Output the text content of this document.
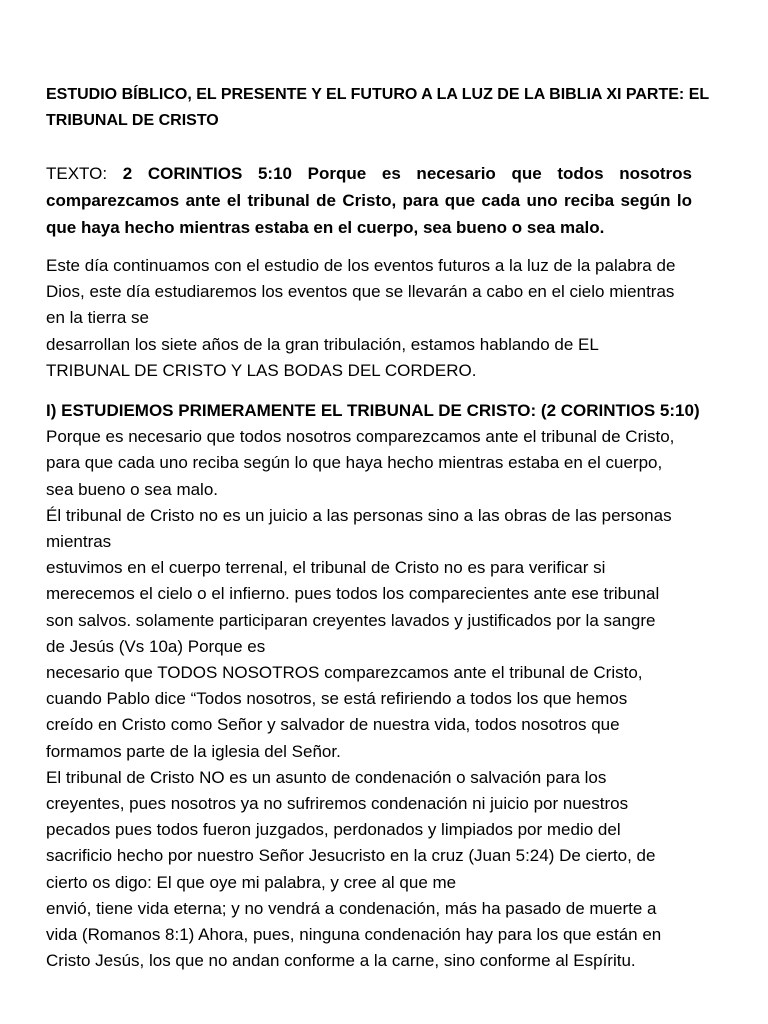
ESTUDIO BÍBLICO, EL PRESENTE Y EL FUTURO A LA LUZ DE LA BIBLIA XI PARTE: EL TRIBUNAL DE CRISTO

TEXTO: 2 CORINTIOS 5:10 Porque es necesario que todos nosotros comparezcamos ante el tribunal de Cristo, para que cada uno reciba según lo que haya hecho mientras estaba en el cuerpo, sea bueno o sea malo.

Este día continuamos con el estudio de los eventos futuros a la luz de la palabra de
Dios, este día estudiaremos los eventos que se llevarán a cabo en el cielo mientras
en la tierra se
desarrollan los siete años de la gran tribulación, estamos hablando de EL
TRIBUNAL DE CRISTO Y LAS BODAS DEL CORDERO.
I) ESTUDIEMOS PRIMERAMENTE EL TRIBUNAL DE CRISTO: (2 CORINTIOS 5:10)
Porque es necesario que todos nosotros comparezcamos ante el tribunal de Cristo,
para que cada uno reciba según lo que haya hecho mientras estaba en el cuerpo,
sea bueno o sea malo.
Él tribunal de Cristo no es un juicio a las personas sino a las obras de las personas
mientras
estuvimos en el cuerpo terrenal, el tribunal de Cristo no es para verificar si
merecemos el cielo o el infierno. pues todos los comparecientes ante ese tribunal
son salvos. solamente participaran creyentes lavados y justificados por la sangre
de Jesús (Vs 10a) Porque es
necesario que TODOS NOSOTROS comparezcamos ante el tribunal de Cristo,
cuando Pablo dice “Todos nosotros, se está refiriendo a todos los que hemos
creído en Cristo como Señor y salvador de nuestra vida, todos nosotros que
formamos parte de la iglesia del Señor.
El tribunal de Cristo NO es un asunto de condenación o salvación para los
creyentes, pues nosotros ya no sufriremos condenación ni juicio por nuestros
pecados pues todos fueron juzgados, perdonados y limpiados por medio del
sacrificio hecho por nuestro Señor Jesucristo en la cruz (Juan 5:24) De cierto, de
cierto os digo: El que oye mi palabra, y cree al que me
envió, tiene vida eterna; y no vendrá a condenación, más ha pasado de muerte a
vida (Romanos 8:1) Ahora, pues, ninguna condenación hay para los que están en
Cristo Jesús, los que no andan conforme a la carne, sino conforme al Espíritu.
